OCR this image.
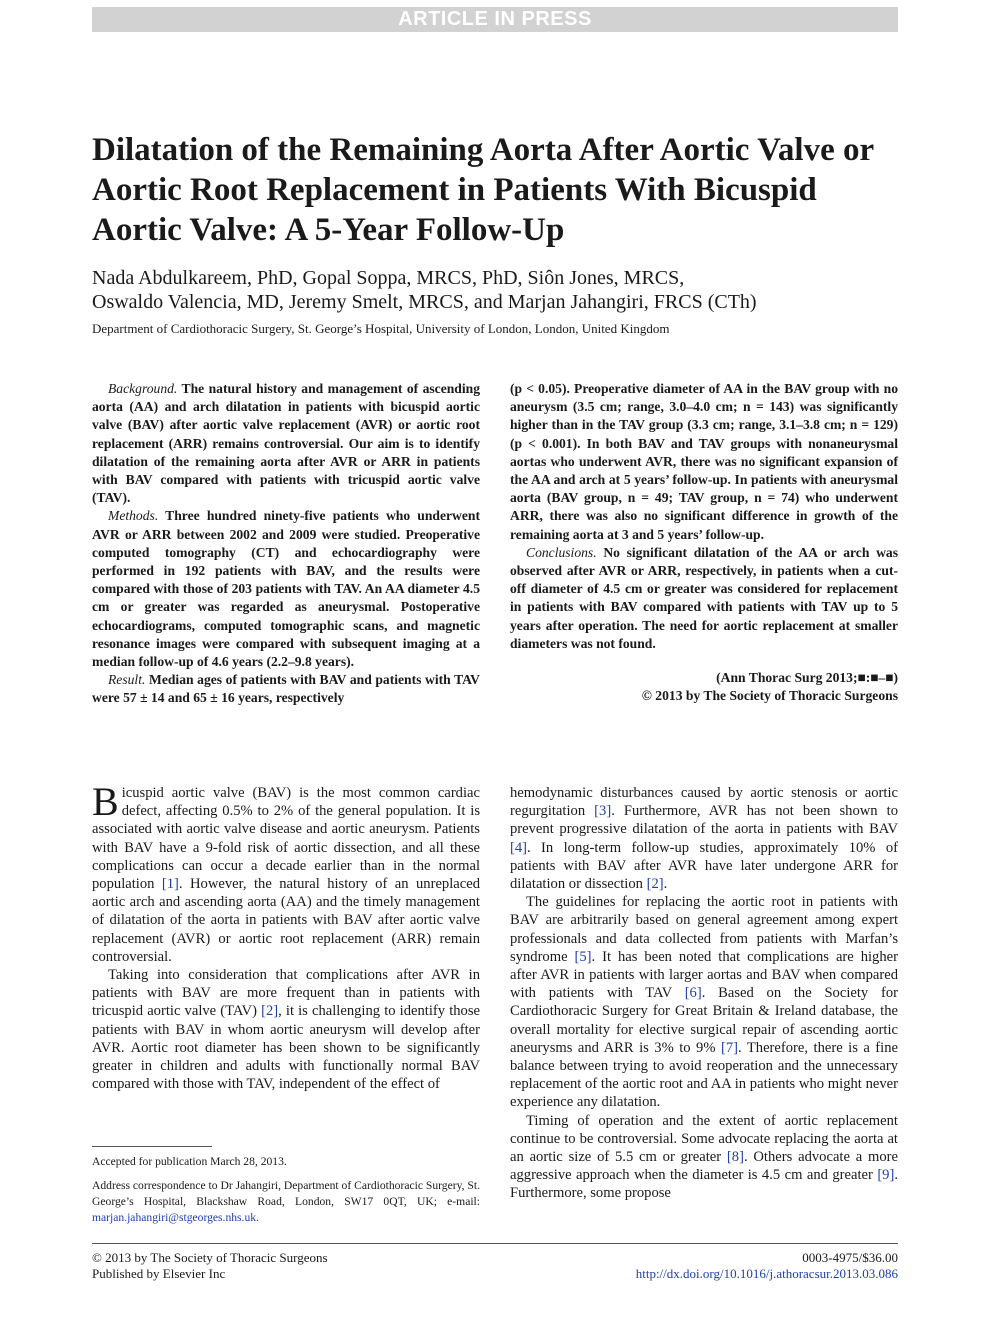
ARTICLE IN PRESS
Dilatation of the Remaining Aorta After Aortic Valve or Aortic Root Replacement in Patients With Bicuspid Aortic Valve: A 5-Year Follow-Up
Nada Abdulkareem, PhD, Gopal Soppa, MRCS, PhD, Siôn Jones, MRCS,
Oswaldo Valencia, MD, Jeremy Smelt, MRCS, and Marjan Jahangiri, FRCS (CTh)
Department of Cardiothoracic Surgery, St. George’s Hospital, University of London, London, United Kingdom

Background. The natural history and management of ascending aorta (AA) and arch dilatation in patients with bicuspid aortic valve (BAV) after aortic valve replacement (AVR) or aortic root replacement (ARR) remains controversial. Our aim is to identify dilatation of the remaining aorta after AVR or ARR in patients with BAV compared with patients with tricuspid aortic valve (TAV).

Methods. Three hundred ninety-five patients who underwent AVR or ARR between 2002 and 2009 were studied. Preoperative computed tomography (CT) and echocardiography were performed in 192 patients with BAV, and the results were compared with those of 203 patients with TAV. An AA diameter 4.5 cm or greater was regarded as aneurysmal. Postoperative echocardiograms, computed tomographic scans, and magnetic resonance images were compared with subsequent imaging at a median follow-up of 4.6 years (2.2–9.8 years).

Result. Median ages of patients with BAV and patients with TAV were 57 ± 14 and 65 ± 16 years, respectively

(p < 0.05). Preoperative diameter of AA in the BAV group with no aneurysm (3.5 cm; range, 3.0–4.0 cm; n = 143) was significantly higher than in the TAV group (3.3 cm; range, 3.1–3.8 cm; n = 129) (p < 0.001). In both BAV and TAV groups with nonaneurysmal aortas who underwent AVR, there was no significant expansion of the AA and arch at 5 years’ follow-up. In patients with aneurysmal aorta (BAV group, n = 49; TAV group, n = 74) who underwent ARR, there was also no significant difference in growth of the remaining aorta at 3 and 5 years’ follow-up.

Conclusions. No significant dilatation of the AA or arch was observed after AVR or ARR, respectively, in patients when a cut-off diameter of 4.5 cm or greater was considered for replacement in patients with BAV compared with patients with TAV up to 5 years after operation. The need for aortic replacement at smaller diameters was not found.

(Ann Thorac Surg 2013;■:■–■)
© 2013 by The Society of Thoracic Surgeons

Bicuspid aortic valve (BAV) is the most common cardiac defect, affecting 0.5% to 2% of the general population. It is associated with aortic valve disease and aortic aneurysm. Patients with BAV have a 9-fold risk of aortic dissection, and all these complications can occur a decade earlier than in the normal population [1]. However, the natural history of an unreplaced aortic arch and ascending aorta (AA) and the timely management of dilatation of the aorta in patients with BAV after aortic valve replacement (AVR) or aortic root replacement (ARR) remain controversial.

Taking into consideration that complications after AVR in patients with BAV are more frequent than in patients with tricuspid aortic valve (TAV) [2], it is challenging to identify those patients with BAV in whom aortic aneurysm will develop after AVR. Aortic root diameter has been shown to be significantly greater in children and adults with functionally normal BAV compared with those with TAV, independent of the effect of

hemodynamic disturbances caused by aortic stenosis or aortic regurgitation [3]. Furthermore, AVR has not been shown to prevent progressive dilatation of the aorta in patients with BAV [4]. In long-term follow-up studies, approximately 10% of patients with BAV after AVR have later undergone ARR for dilatation or dissection [2].

The guidelines for replacing the aortic root in patients with BAV are arbitrarily based on general agreement among expert professionals and data collected from patients with Marfan’s syndrome [5]. It has been noted that complications are higher after AVR in patients with larger aortas and BAV when compared with patients with TAV [6]. Based on the Society for Cardiothoracic Surgery for Great Britain & Ireland database, the overall mortality for elective surgical repair of ascending aortic aneurysms and ARR is 3% to 9% [7]. Therefore, there is a fine balance between trying to avoid reoperation and the unnecessary replacement of the aortic root and AA in patients who might never experience any dilatation.

Timing of operation and the extent of aortic replacement continue to be controversial. Some advocate replacing the aorta at an aortic size of 5.5 cm or greater [8]. Others advocate a more aggressive approach when the diameter is 4.5 cm and greater [9]. Furthermore, some propose

Accepted for publication March 28, 2013.

Address correspondence to Dr Jahangiri, Department of Cardiothoracic Surgery, St. George’s Hospital, Blackshaw Road, London, SW17 0QT, UK; e-mail: marjan.jahangiri@stgeorges.nhs.uk.

© 2013 by The Society of Thoracic Surgeons
Published by Elsevier Inc
0003-4975/$36.00
http://dx.doi.org/10.1016/j.athoracsur.2013.03.086
